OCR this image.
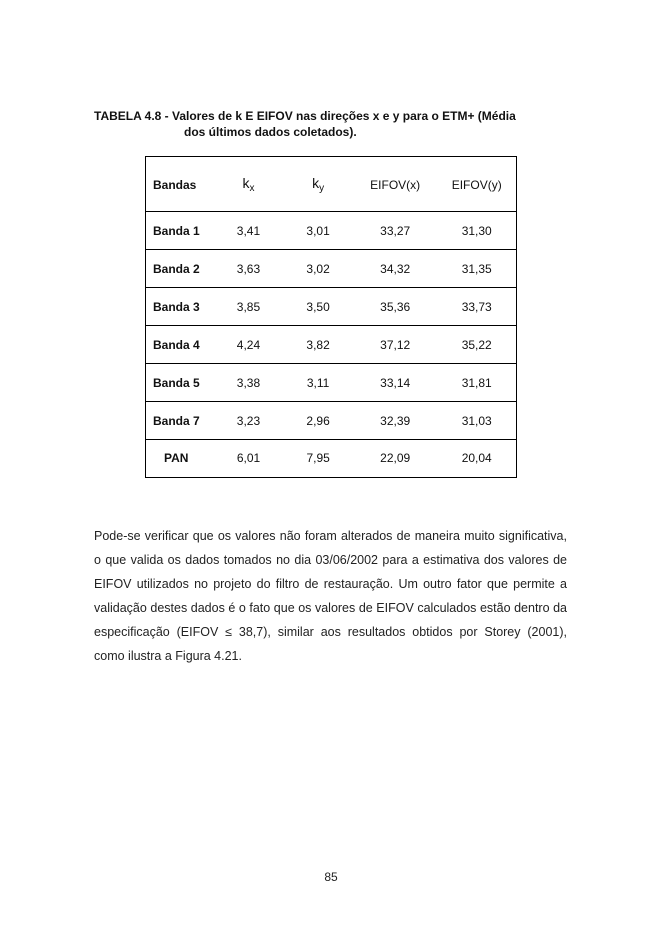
TABELA 4.8 - Valores de k E EIFOV nas direções x e y para o ETM+ (Média
dos últimos dados coletados).
Bandas	$k_x$	$k_y$	EIFOV(x)	EIFOV(y)
Banda 1	3,41	3,01	33,27	31,30
Banda 2	3,63	3,02	34,32	31,35
Banda 3	3,85	3,50	35,36	33,73
Banda 4	4,24	3,82	37,12	35,22
Banda 5	3,38	3,11	33,14	31,81
Banda 7	3,23	2,96	32,39	31,03
PAN	6,01	7,95	22,09	20,04

Pode-se verificar que os valores não foram alterados de maneira muito significativa, o que valida os dados tomados no dia 03/06/2002 para a estimativa dos valores de EIFOV utilizados no projeto do filtro de restauração. Um outro fator que permite a validação destes dados é o fato que os valores de EIFOV calculados estão dentro da especificação (EIFOV ≤ 38,7), similar aos resultados obtidos por Storey (2001), como ilustra a Figura 4.21.

85
